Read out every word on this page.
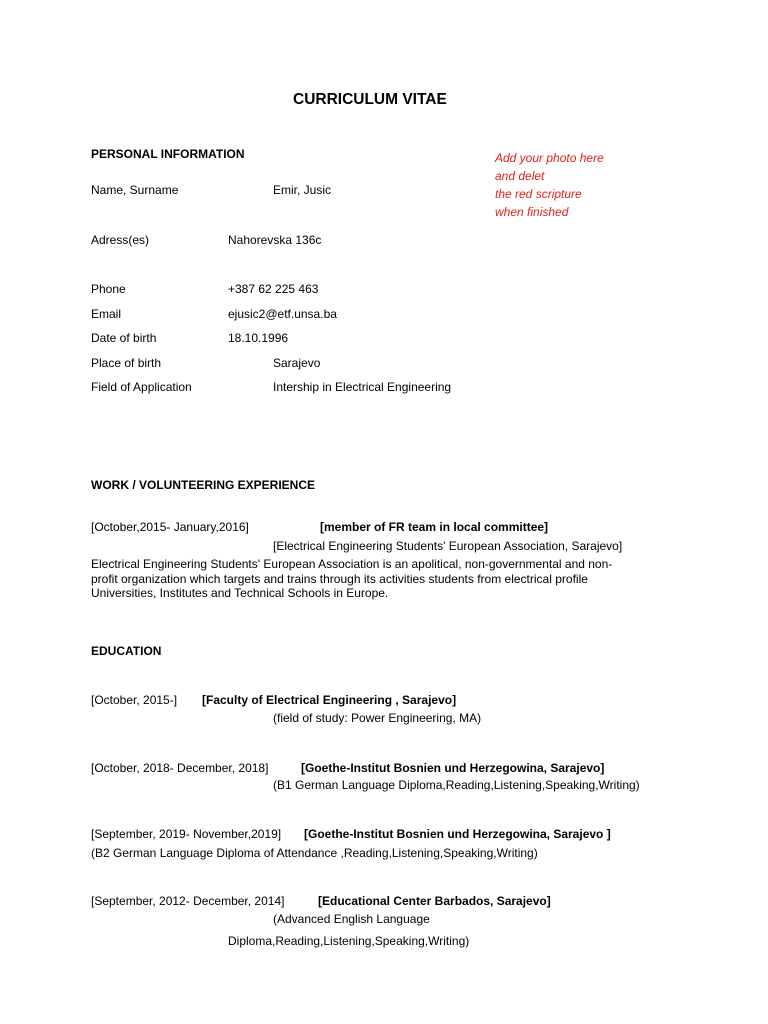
CURRICULUM VITAE
PERSONAL INFORMATION	Add your photo here
and delet
the red scripture
when finished
Name, Surname	Emir, Jusic
Adress(es)	Nahorevska 136c
Phone	+387 62 225 463
Email	ejusic2@etf.unsa.ba
Date of birth	18.10.1996
Place of birth	Sarajevo
Field of Application	Intership in Electrical Engineering
WORK / VOLUNTEERING EXPERIENCE
[October,2015- January,2016]	[member of FR team in local committee]
[Electrical Engineering Students' European Association, Sarajevo]
Electrical Engineering Students' European Association is an apolitical, non-governmental and non-
profit organization which targets and trains through its activities students from electrical profile
Universities, Institutes and Technical Schools in Europe.
EDUCATION
[October, 2015-] [Faculty of Electrical Engineering , Sarajevo]
(field of study: Power Engineering, MA)
[October, 2018- December, 2018]	[Goethe-Institut Bosnien und Herzegowina, Sarajevo]
(B1 German Language Diploma,Reading,Listening,Speaking,Writing)
[September, 2019- November,2019] [Goethe-Institut Bosnien und Herzegowina, Sarajevo ]
(B2 German Language Diploma of Attendance ,Reading,Listening,Speaking,Writing)
[September, 2012- December, 2014]	[Educational Center Barbados, Sarajevo]
(Advanced English Language
Diploma,Reading,Listening,Speaking,Writing)
